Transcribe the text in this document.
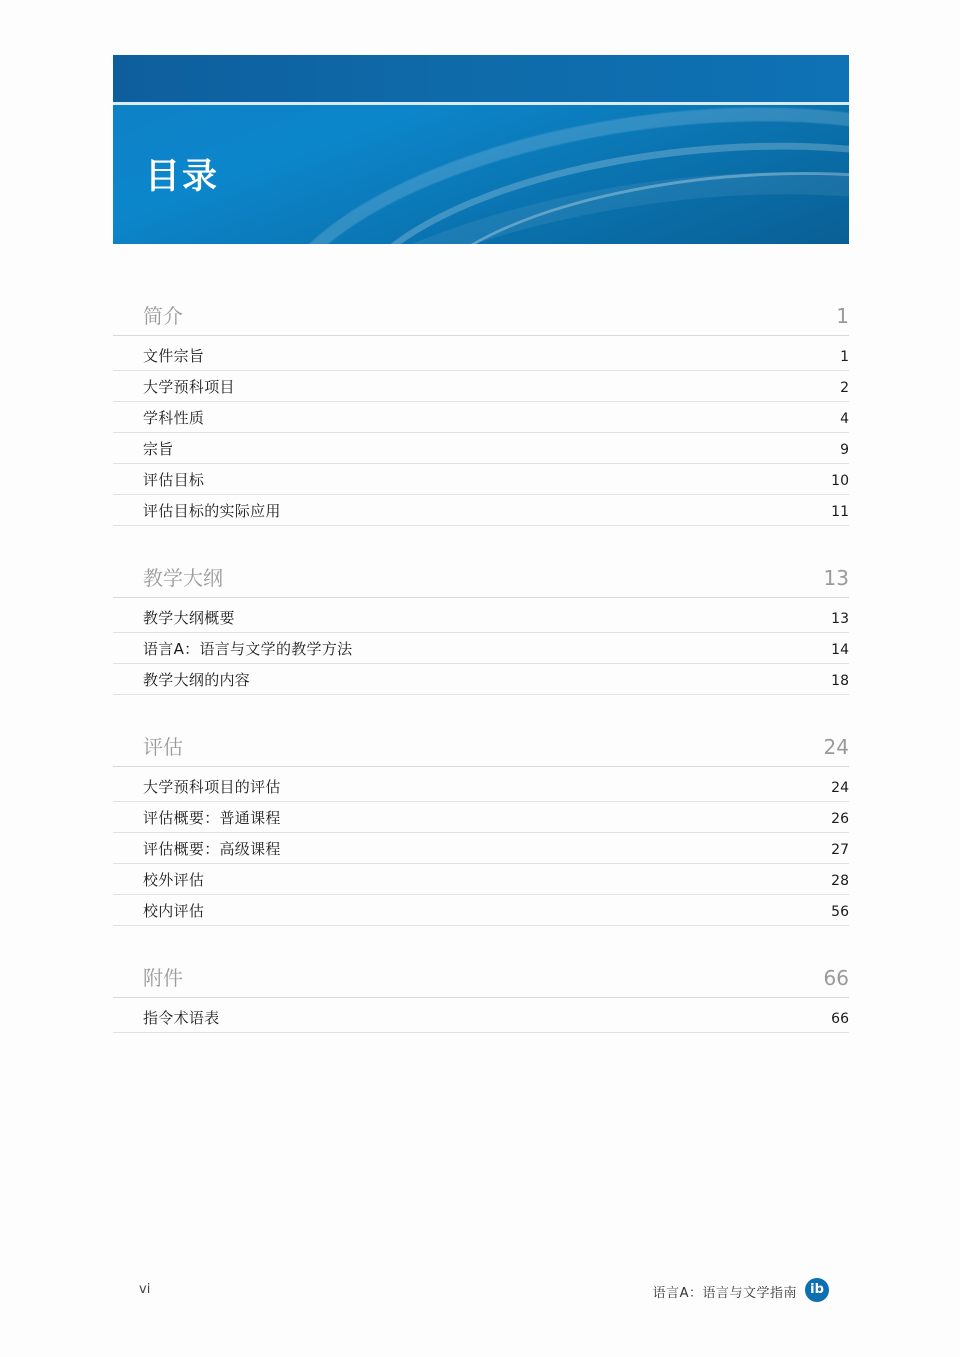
目录
简介	1
文件宗旨	1
大学预科项目	2
学科性质	4
宗旨	9
评估目标	10
评估目标的实际应用	11
教学大纲	13
教学大纲概要	13
语言A：语言与文学的教学方法	14
教学大纲的内容	18
评估	24
大学预科项目的评估	24
评估概要：普通课程	26
评估概要：高级课程	27
校外评估	28
校内评估	56
附件	66
指令术语表	66
vi	语言A：语言与文学指南	ib
